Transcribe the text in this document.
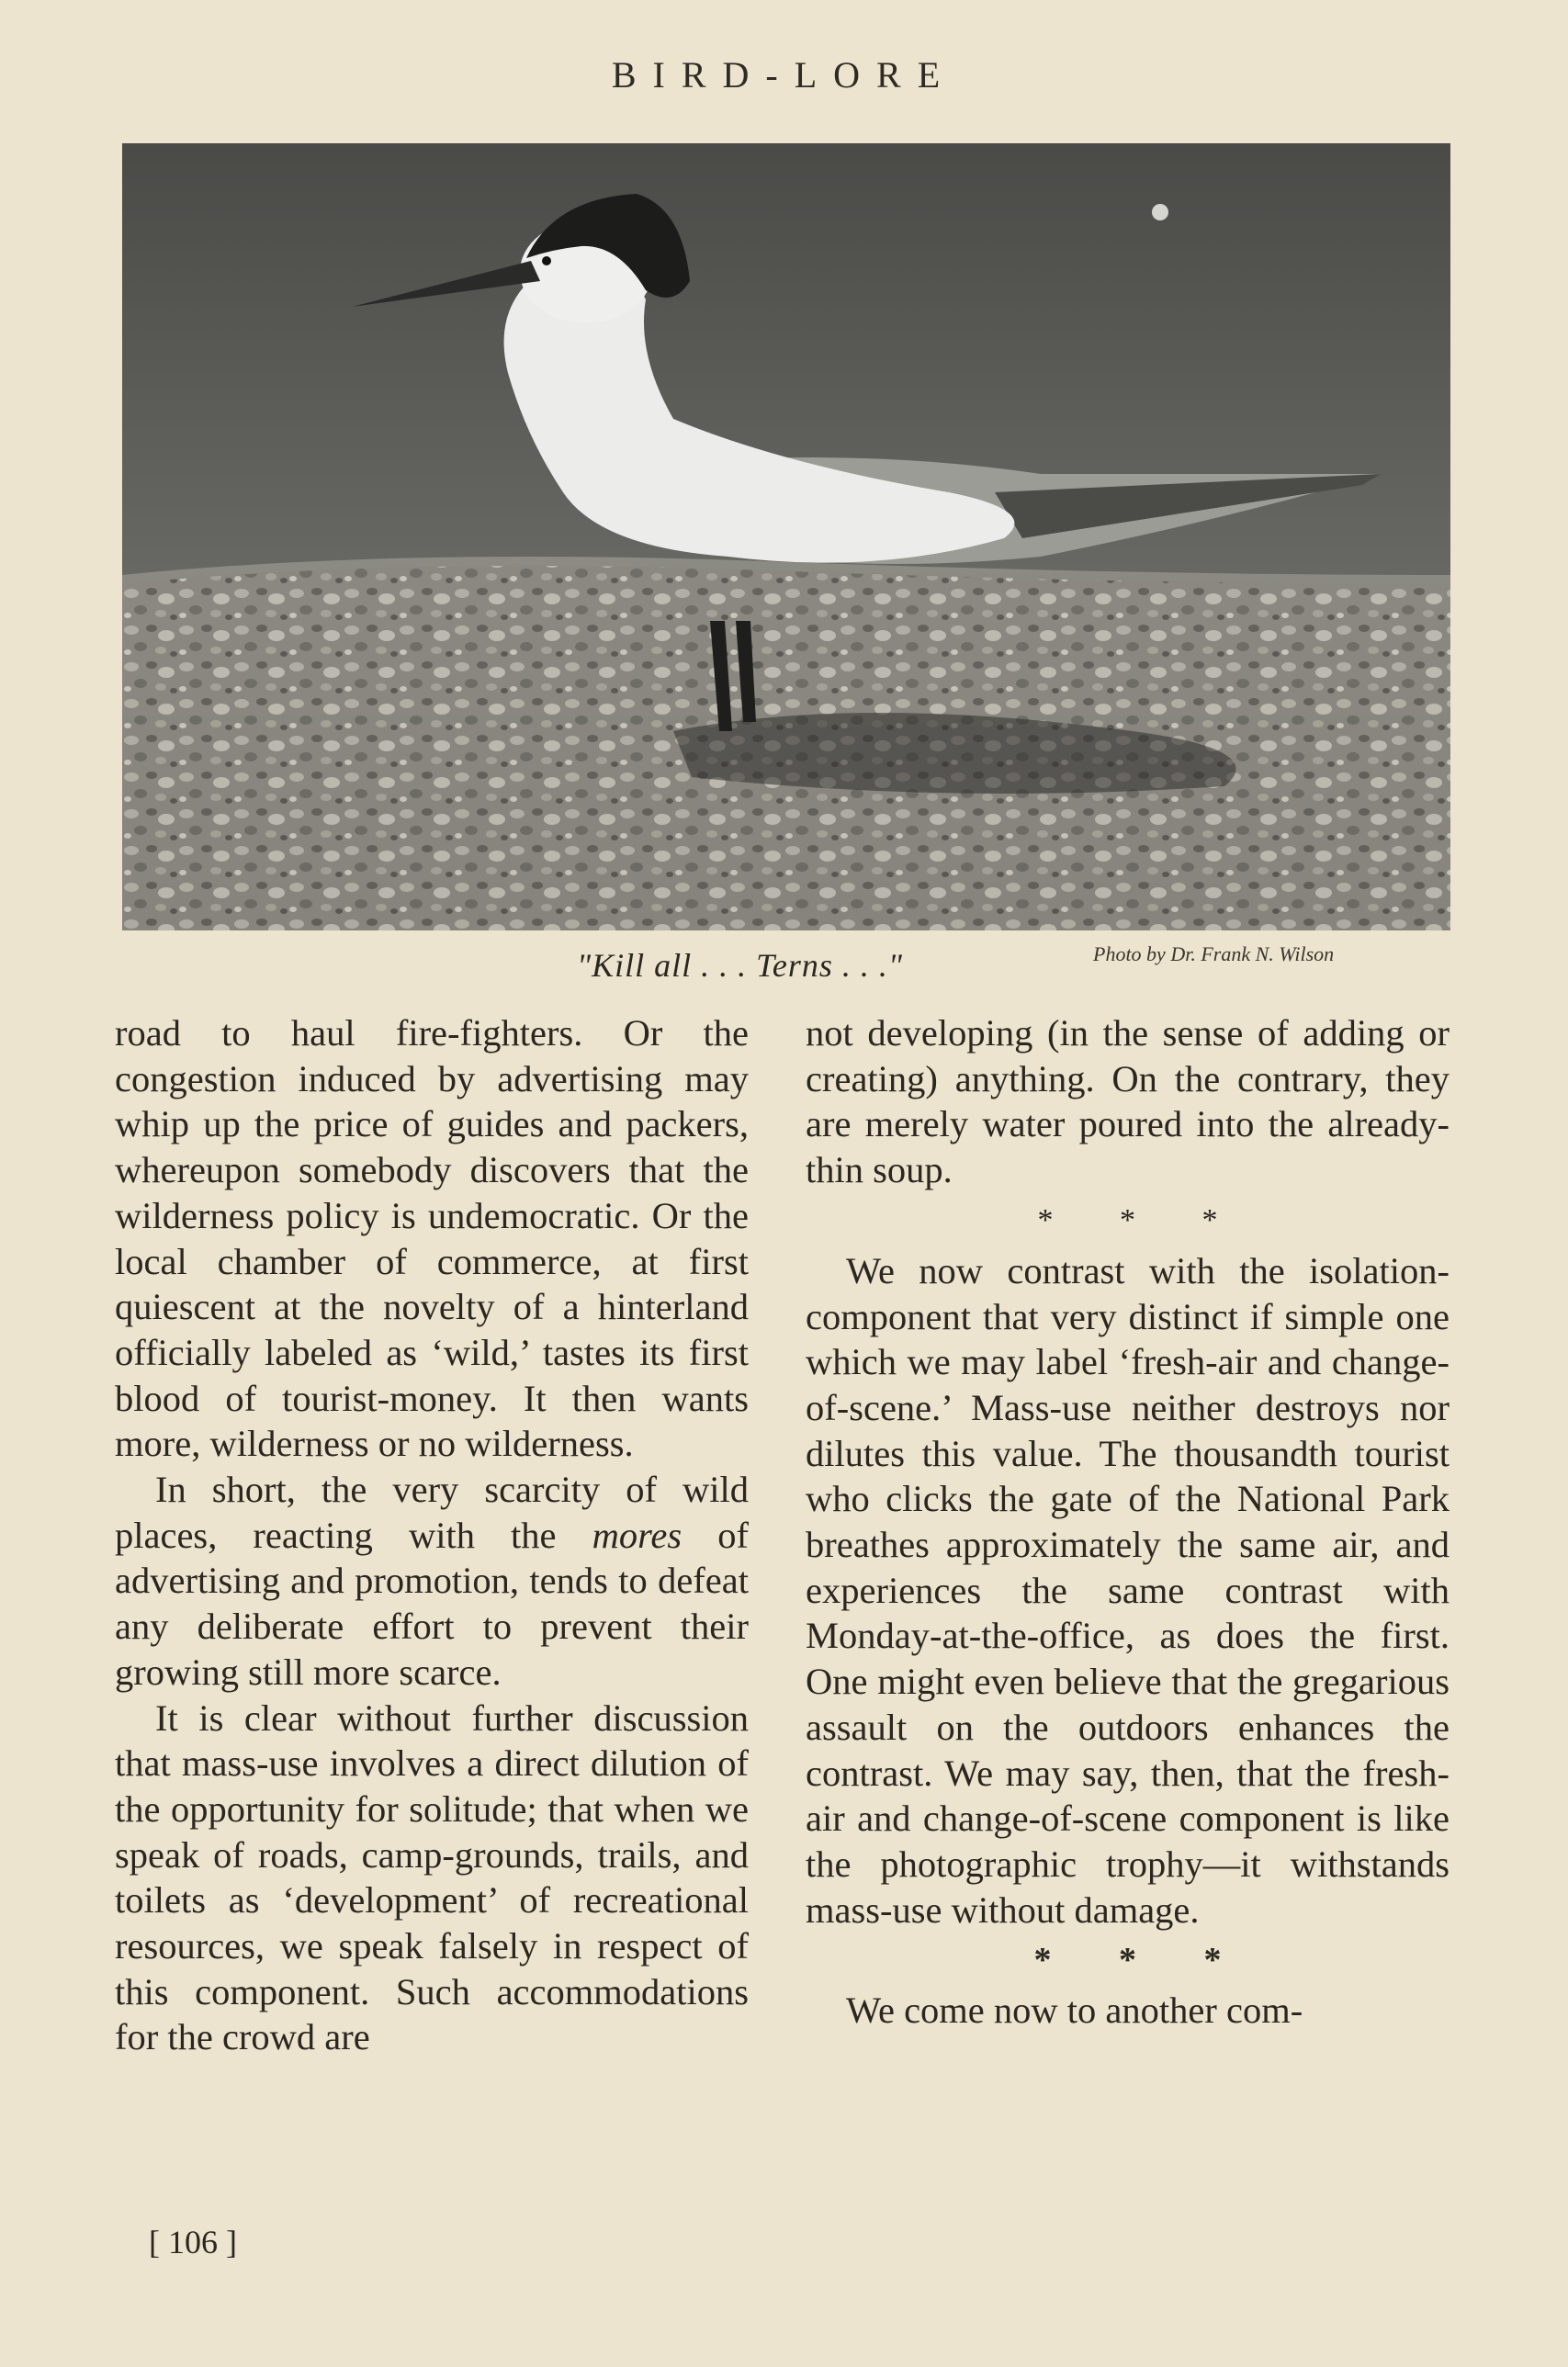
BIRD-LORE
"Kill all . . . Terns . . ."	Photo by Dr. Frank N. Wilson

road to haul fire-fighters. Or the congestion induced by advertising may whip up the price of guides and packers, whereupon somebody discovers that the wilderness policy is undemocratic. Or the local chamber of commerce, at first quiescent at the novelty of a hinterland officially labeled as ‘wild,’ tastes its first blood of tourist-money. It then wants more, wilderness or no wilderness.

In short, the very scarcity of wild places, reacting with the mores of advertising and promotion, tends to defeat any deliberate effort to prevent their growing still more scarce.

It is clear without further discussion that mass-use involves a direct dilution of the opportunity for solitude; that when we speak of roads, camp-grounds, trails, and toilets as ‘development’ of recreational resources, we speak falsely in respect of this component. Such accommodations for the crowd are

not developing (in the sense of adding or creating) anything. On the contrary, they are merely water poured into the already-thin soup.

* * *

We now contrast with the isolation-component that very distinct if simple one which we may label ‘fresh-air and change-of-scene.’ Mass-use neither destroys nor dilutes this value. The thousandth tourist who clicks the gate of the National Park breathes approximately the same air, and experiences the same contrast with Monday-at-the-office, as does the first. One might even believe that the gregarious assault on the outdoors enhances the contrast. We may say, then, that the fresh-air and change-of-scene component is like the photographic trophy—it withstands mass-use without damage.

* * *

We come now to another com-

[ 106 ]
